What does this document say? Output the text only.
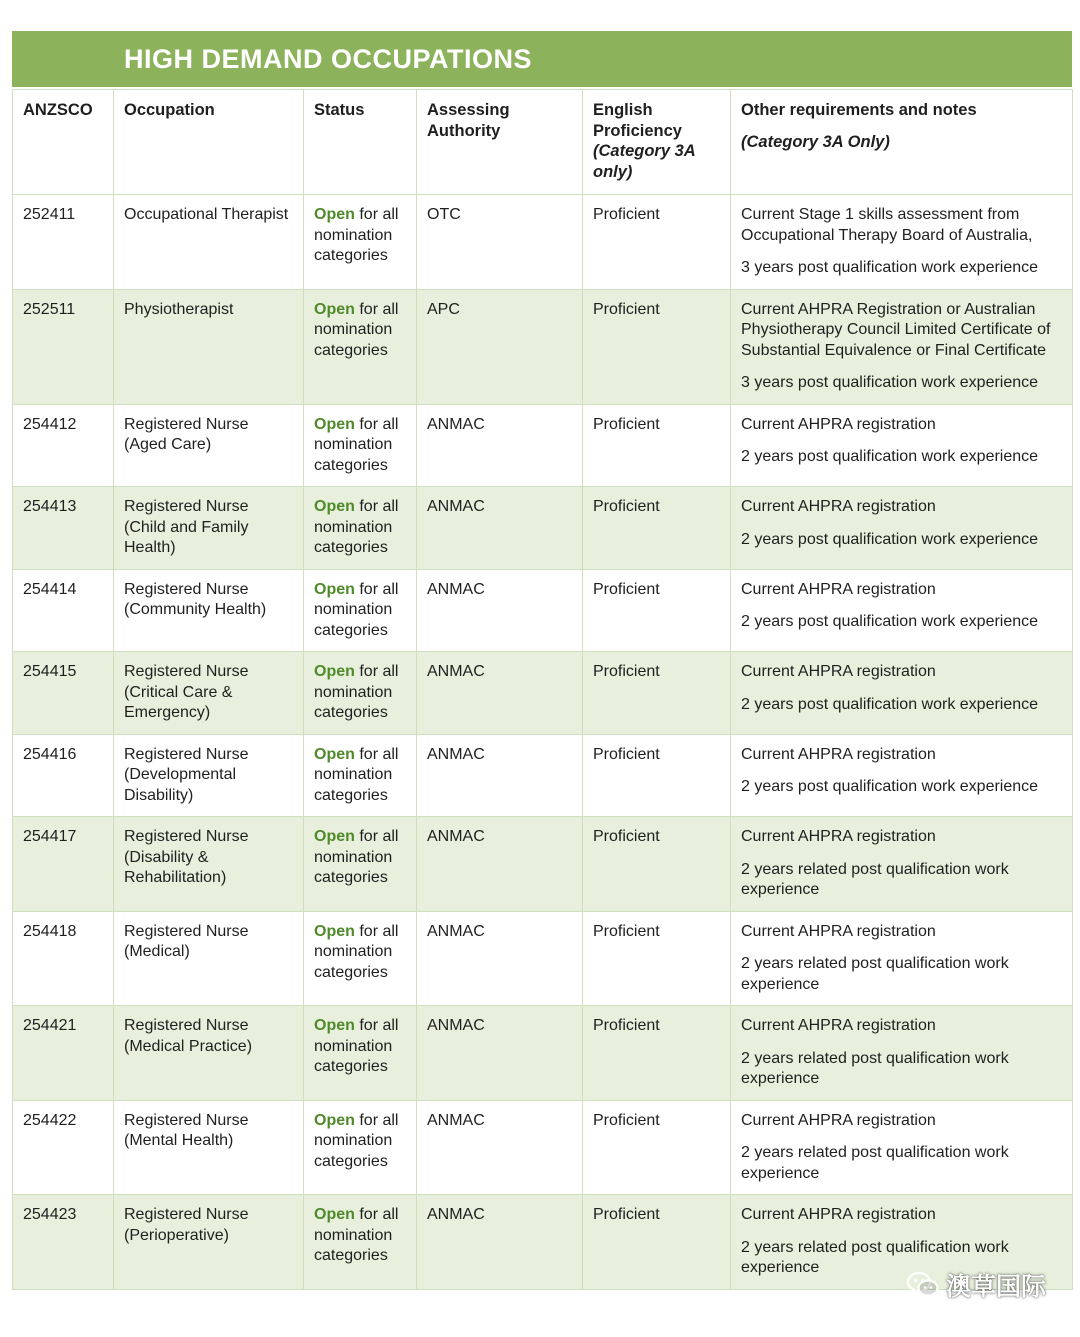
HIGH DEMAND OCCUPATIONS
ANZSCO	Occupation	Status	Assessing Authority	English Proficiency (Category 3A only)	Other requirements and notes
(Category 3A Only)

252411	Occupational Therapist	Open for all nomination categories	OTC	Proficient	Current Stage 1 skills assessment from Occupational Therapy Board of Australia,
3 years post qualification work experience

252511	Physiotherapist	Open for all nomination categories	APC	Proficient	Current AHPRA Registration or Australian Physiotherapy Council Limited Certificate of Substantial Equivalence or Final Certificate
3 years post qualification work experience

254412	Registered Nurse (Aged Care)	Open for all nomination categories	ANMAC	Proficient	Current AHPRA registration
2 years post qualification work experience

254413	Registered Nurse (Child and Family Health)	Open for all nomination categories	ANMAC	Proficient	Current AHPRA registration
2 years post qualification work experience

254414	Registered Nurse (Community Health)	Open for all nomination categories	ANMAC	Proficient	Current AHPRA registration
2 years post qualification work experience

254415	Registered Nurse (Critical Care & Emergency)	Open for all nomination categories	ANMAC	Proficient	Current AHPRA registration
2 years post qualification work experience

254416	Registered Nurse (Developmental Disability)	Open for all nomination categories	ANMAC	Proficient	Current AHPRA registration
2 years post qualification work experience

254417	Registered Nurse (Disability & Rehabilitation)	Open for all nomination categories	ANMAC	Proficient	Current AHPRA registration
2 years related post qualification work experience

254418	Registered Nurse (Medical)	Open for all nomination categories	ANMAC	Proficient	Current AHPRA registration
2 years related post qualification work experience

254421	Registered Nurse (Medical Practice)	Open for all nomination categories	ANMAC	Proficient	Current AHPRA registration
2 years related post qualification work experience

254422	Registered Nurse (Mental Health)	Open for all nomination categories	ANMAC	Proficient	Current AHPRA registration
2 years related post qualification work experience

254423	Registered Nurse (Perioperative)	Open for all nomination categories	ANMAC	Proficient	Current AHPRA registration
2 years related post qualification work experience
澳草国际
